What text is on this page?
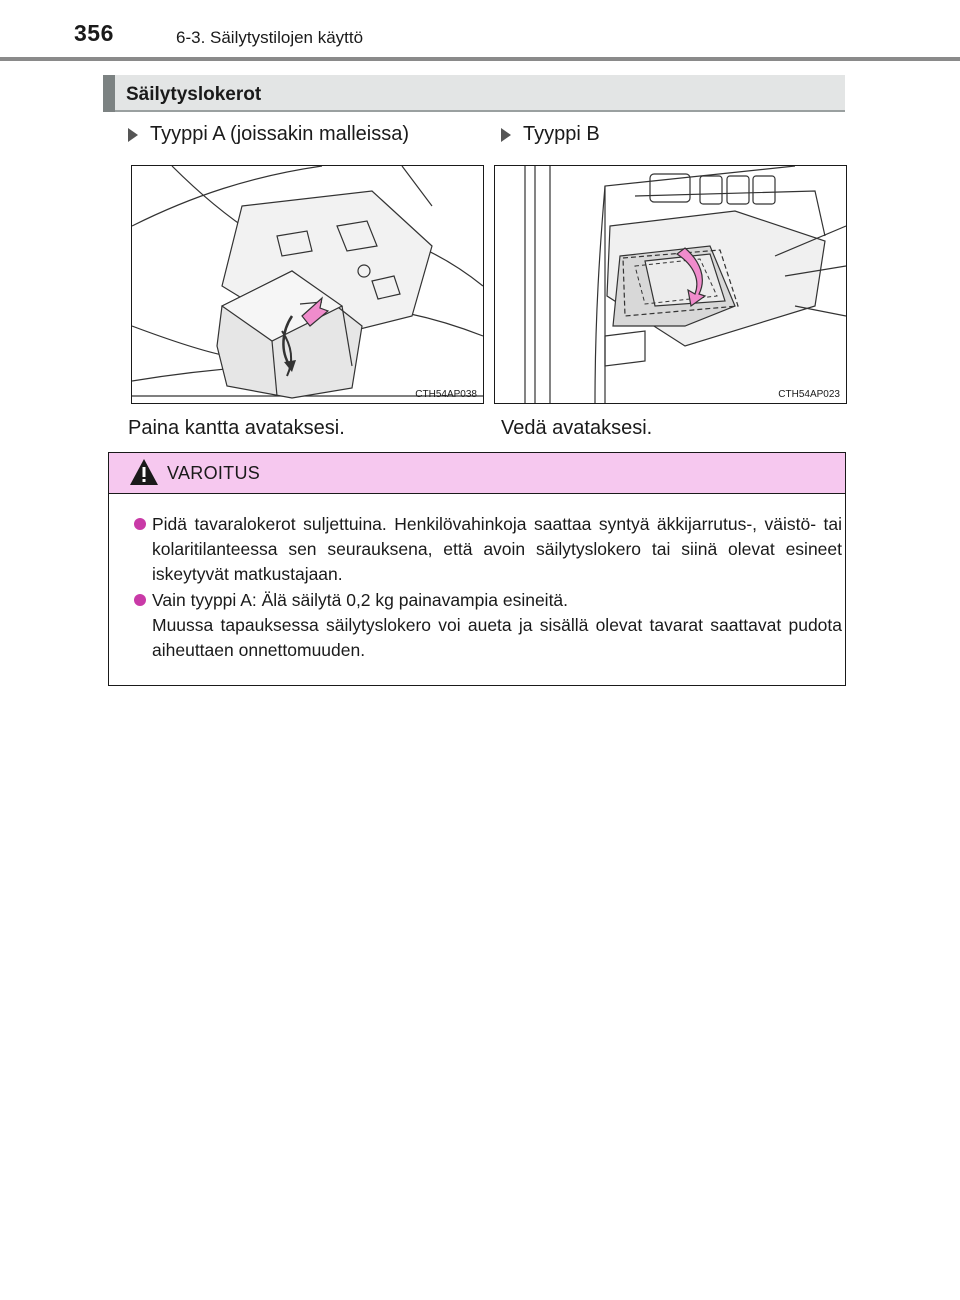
356	6-3. Säilytystilojen käyttö
Säilytyslokerot
Tyyppi A (joissakin malleissa)	Tyyppi B
CTH54AP038	CTH54AP023
Paina kantta avataksesi.	Vedä avataksesi.
VAROITUS
Pidä tavaralokerot suljettuina. Henkilövahinkoja saattaa syntyä äkkijarrutus-, väistö- tai kolaritilanteessa sen seurauksena, että avoin säilytyslokero tai siinä olevat esineet iskeytyvät matkustajaan.
Vain tyyppi A: Älä säilytä 0,2 kg painavampia esineitä.
Muussa tapauksessa säilytyslokero voi aueta ja sisällä olevat tavarat saattavat pudota aiheuttaen onnettomuuden.
